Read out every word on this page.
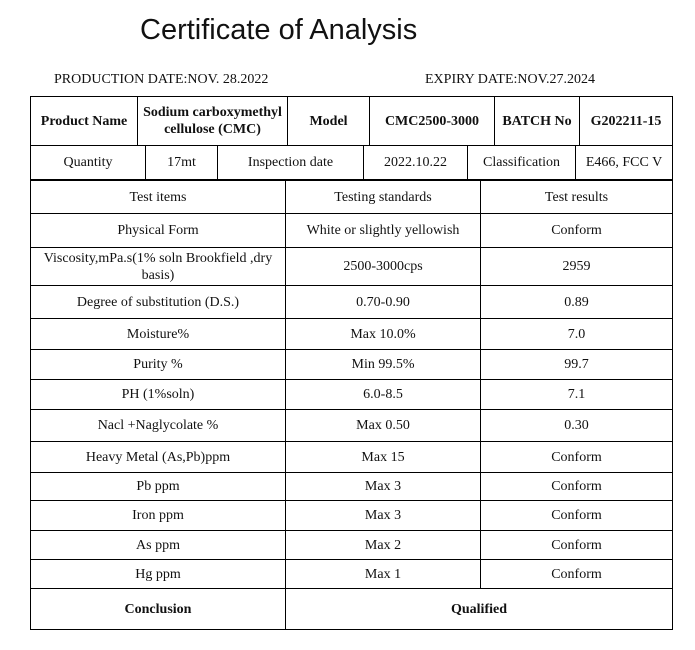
Certificate of Analysis
PRODUCTION DATE:NOV. 28.2022	EXPIRY DATE:NOV.27.2024
Product Name	Sodium carboxymethyl cellulose (CMC)	Model	CMC2500-3000	BATCH No	G202211-15
Quantity	17mt	Inspection date	2022.10.22	Classification	E466, FCC V
Test items	Testing standards	Test results
Physical Form	White or slightly yellowish	Conform
Viscosity,mPa.s(1% soln Brookfield ,dry basis)	2500-3000cps	2959
Degree of substitution (D.S.)	0.70-0.90	0.89
Moisture%	Max 10.0%	7.0
Purity %	Min 99.5%	99.7
PH (1%soln)	6.0-8.5	7.1
Nacl +Naglycolate %	Max 0.50	0.30
Heavy Metal (As,Pb)ppm	Max 15	Conform
Pb ppm	Max 3	Conform
Iron ppm	Max 3	Conform
As ppm	Max 2	Conform
Hg ppm	Max 1	Conform
Conclusion	Qualified	
